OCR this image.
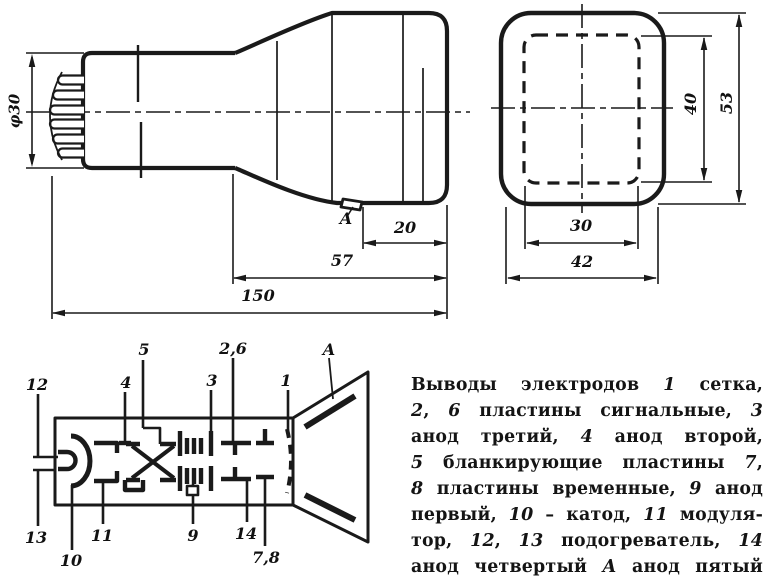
φ30
20
57
150
A
40 53
30
42
12	4
5
3
2,6
1
A
13
10
11	9 14
7,8
Выводы электродов 1 сетка,
2, 6 пластины сигнальные, 3
анод третий, 4 анод второй,
5 бланкирующие пластины 7,
8 пластины временные, 9 анод
первый, 10 – катод, 11 модуля-
тор, 12, 13 подогреватель, 14
анод четвертый А анод пятый
